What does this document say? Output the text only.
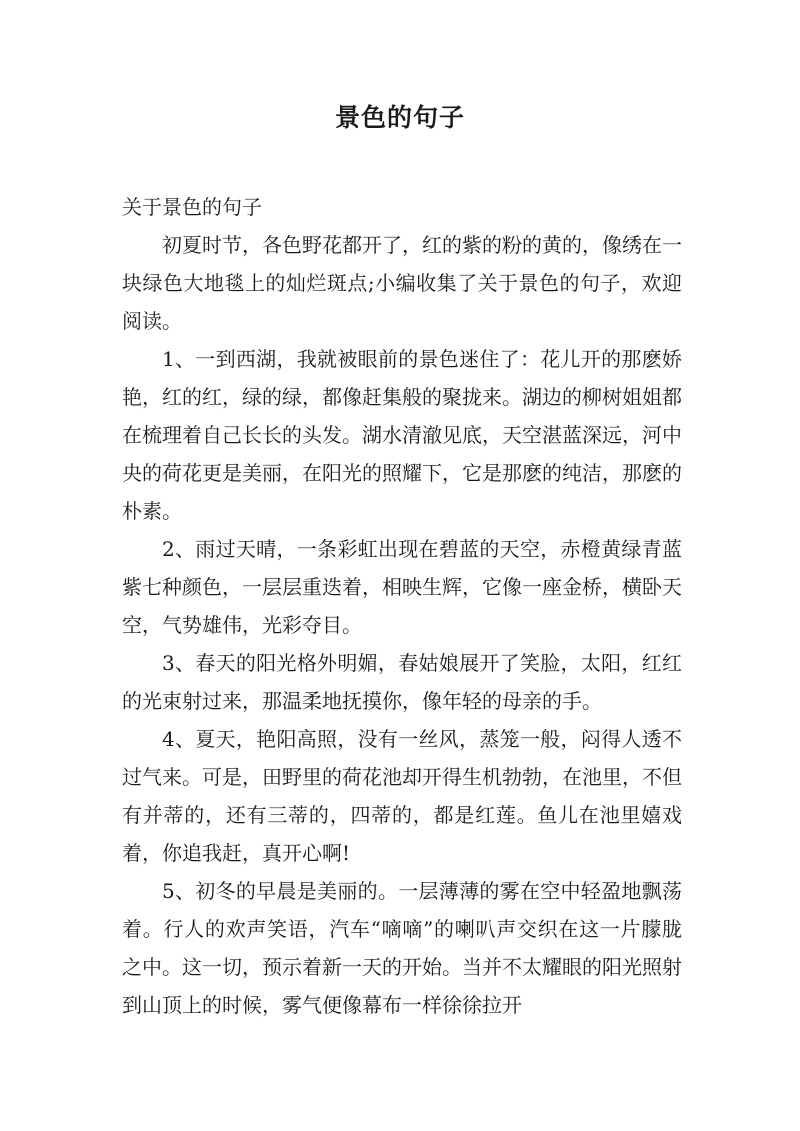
景色的句子

关于景色的句子

初夏时节，各色野花都开了，红的紫的粉的黄的，像绣在一块绿色大地毯上的灿烂斑点;小编收集了关于景色的句子，欢迎阅读。

1、一到西湖，我就被眼前的景色迷住了：花儿开的那麽娇艳，红的红，绿的绿，都像赶集般的聚拢来。湖边的柳树姐姐都在梳理着自己长长的头发。湖水清澈见底，天空湛蓝深远，河中央的荷花更是美丽，在阳光的照耀下，它是那麽的纯洁，那麽的朴素。

2、雨过天晴，一条彩虹出现在碧蓝的天空，赤橙黄绿青蓝紫七种颜色，一层层重迭着，相映生辉，它像一座金桥，横卧天空，气势雄伟，光彩夺目。

3、春天的阳光格外明媚，春姑娘展开了笑脸，太阳，红红的光束射过来，那温柔地抚摸你，像年轻的母亲的手。

4、夏天，艳阳高照，没有一丝风，蒸笼一般，闷得人透不过气来。可是，田野里的荷花池却开得生机勃勃，在池里，不但有并蒂的，还有三蒂的，四蒂的，都是红莲。鱼儿在池里嬉戏着，你追我赶，真开心啊!

5、初冬的早晨是美丽的。一层薄薄的雾在空中轻盈地飘荡着。行人的欢声笑语，汽车“嘀嘀”的喇叭声交织在这一片朦胧之中。这一切，预示着新一天的开始。当并不太耀眼的阳光照射到山顶上的时候，雾气便像幕布一样徐徐拉开
